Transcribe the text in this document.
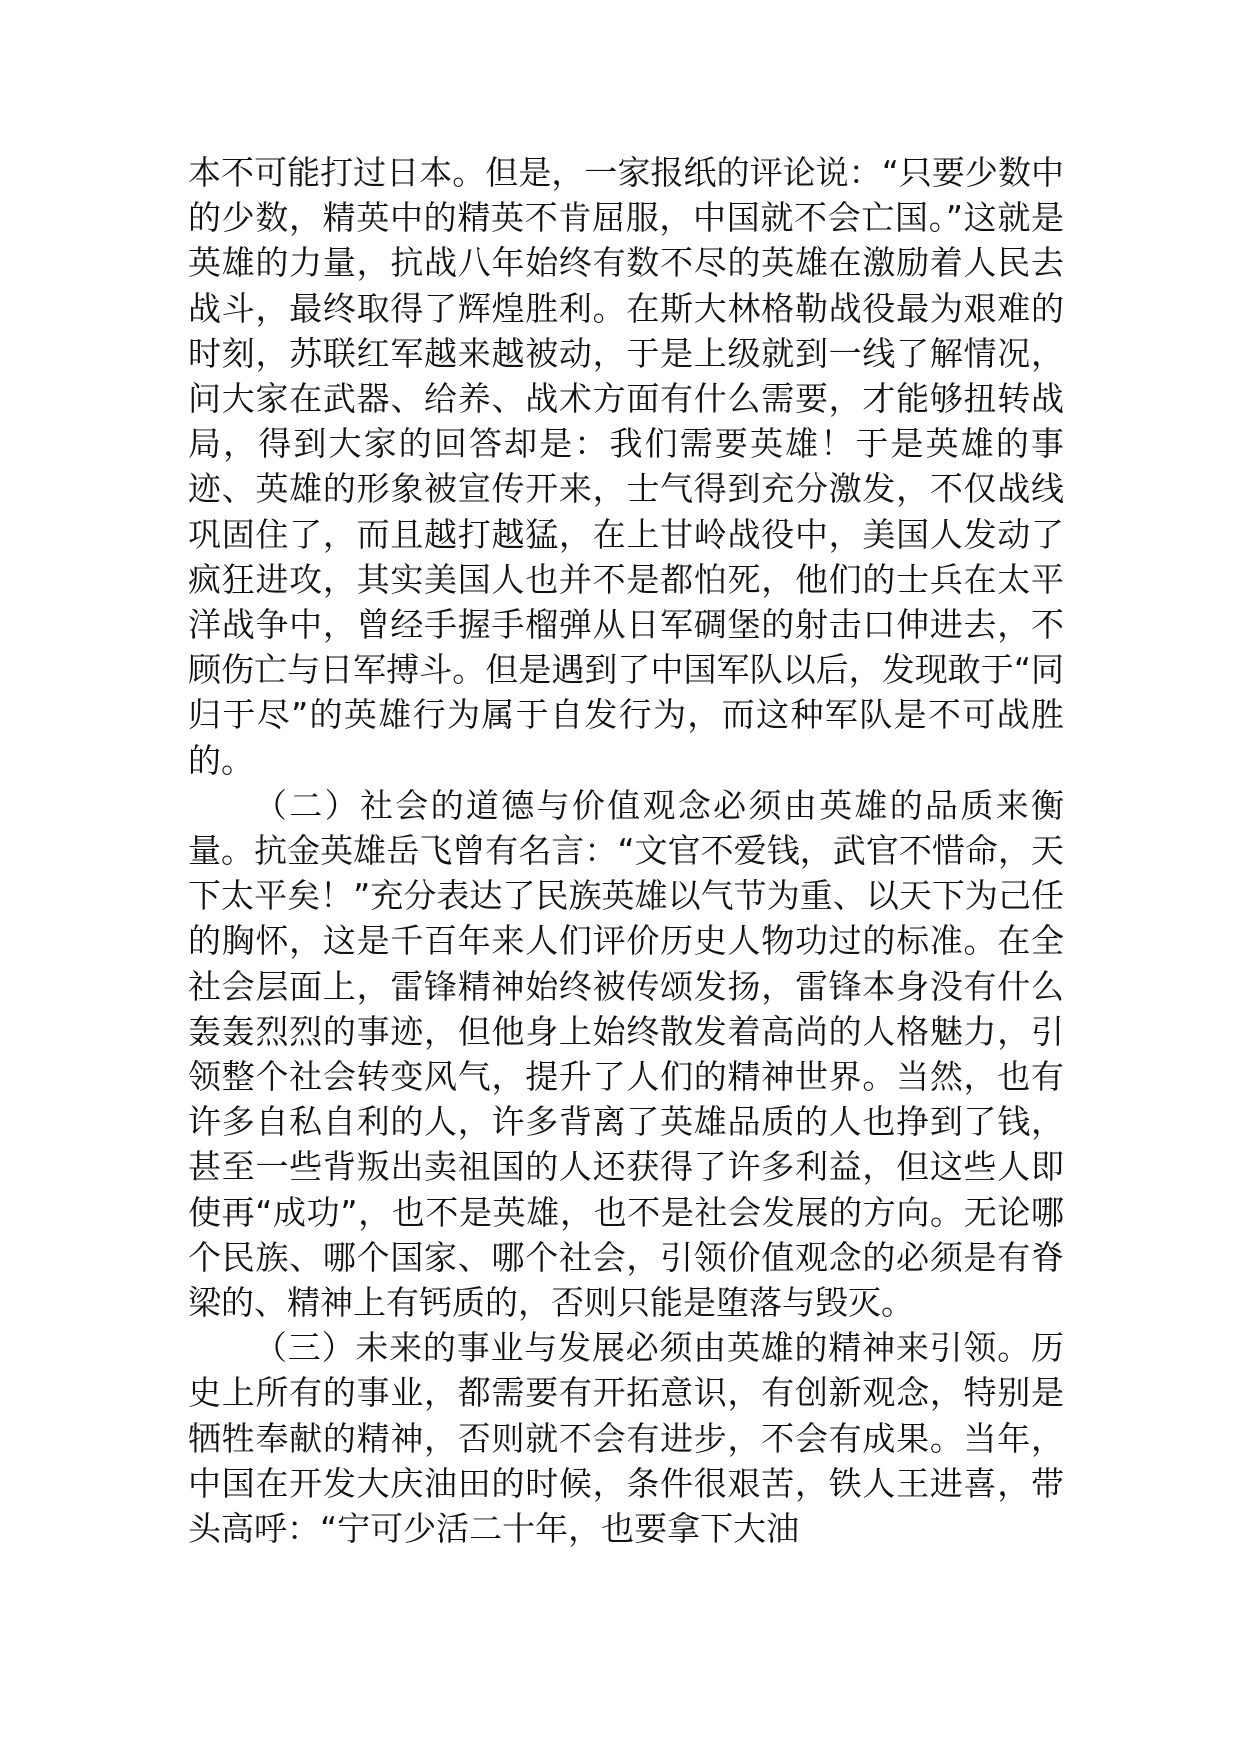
本不可能打过日本。但是，一家报纸的评论说：“只要少数中的少数，精英中的精英不肯屈服，中国就不会亡国。”这就是英雄的力量，抗战八年始终有数不尽的英雄在激励着人民去战斗，最终取得了辉煌胜利。在斯大林格勒战役最为艰难的时刻，苏联红军越来越被动，于是上级就到一线了解情况，问大家在武器、给养、战术方面有什么需要，才能够扭转战局，得到大家的回答却是：我们需要英雄！于是英雄的事迹、英雄的形象被宣传开来，士气得到充分激发，不仅战线巩固住了，而且越打越猛，在上甘岭战役中，美国人发动了疯狂进攻，其实美国人也并不是都怕死，他们的士兵在太平洋战争中，曾经手握手榴弹从日军碉堡的射击口伸进去，不顾伤亡与日军搏斗。但是遇到了中国军队以后，发现敢于“同归于尽”的英雄行为属于自发行为，而这种军队是不可战胜的。

（二）社会的道德与价值观念必须由英雄的品质来衡量。抗金英雄岳飞曾有名言：“文官不爱钱，武官不惜命，天下太平矣！”充分表达了民族英雄以气节为重、以天下为己任的胸怀，这是千百年来人们评价历史人物功过的标准。在全社会层面上，雷锋精神始终被传颂发扬，雷锋本身没有什么轰轰烈烈的事迹，但他身上始终散发着高尚的人格魅力，引领整个社会转变风气，提升了人们的精神世界。当然，也有许多自私自利的人，许多背离了英雄品质的人也挣到了钱，甚至一些背叛出卖祖国的人还获得了许多利益，但这些人即使再“成功”，也不是英雄，也不是社会发展的方向。无论哪个民族、哪个国家、哪个社会，引领价值观念的必须是有脊梁的、精神上有钙质的，否则只能是堕落与毁灭。

（三）未来的事业与发展必须由英雄的精神来引领。历史上所有的事业，都需要有开拓意识，有创新观念，特别是牺牲奉献的精神，否则就不会有进步，不会有成果。当年，中国在开发大庆油田的时候，条件很艰苦，铁人王进喜，带头高呼：“宁可少活二十年，也要拿下大油
